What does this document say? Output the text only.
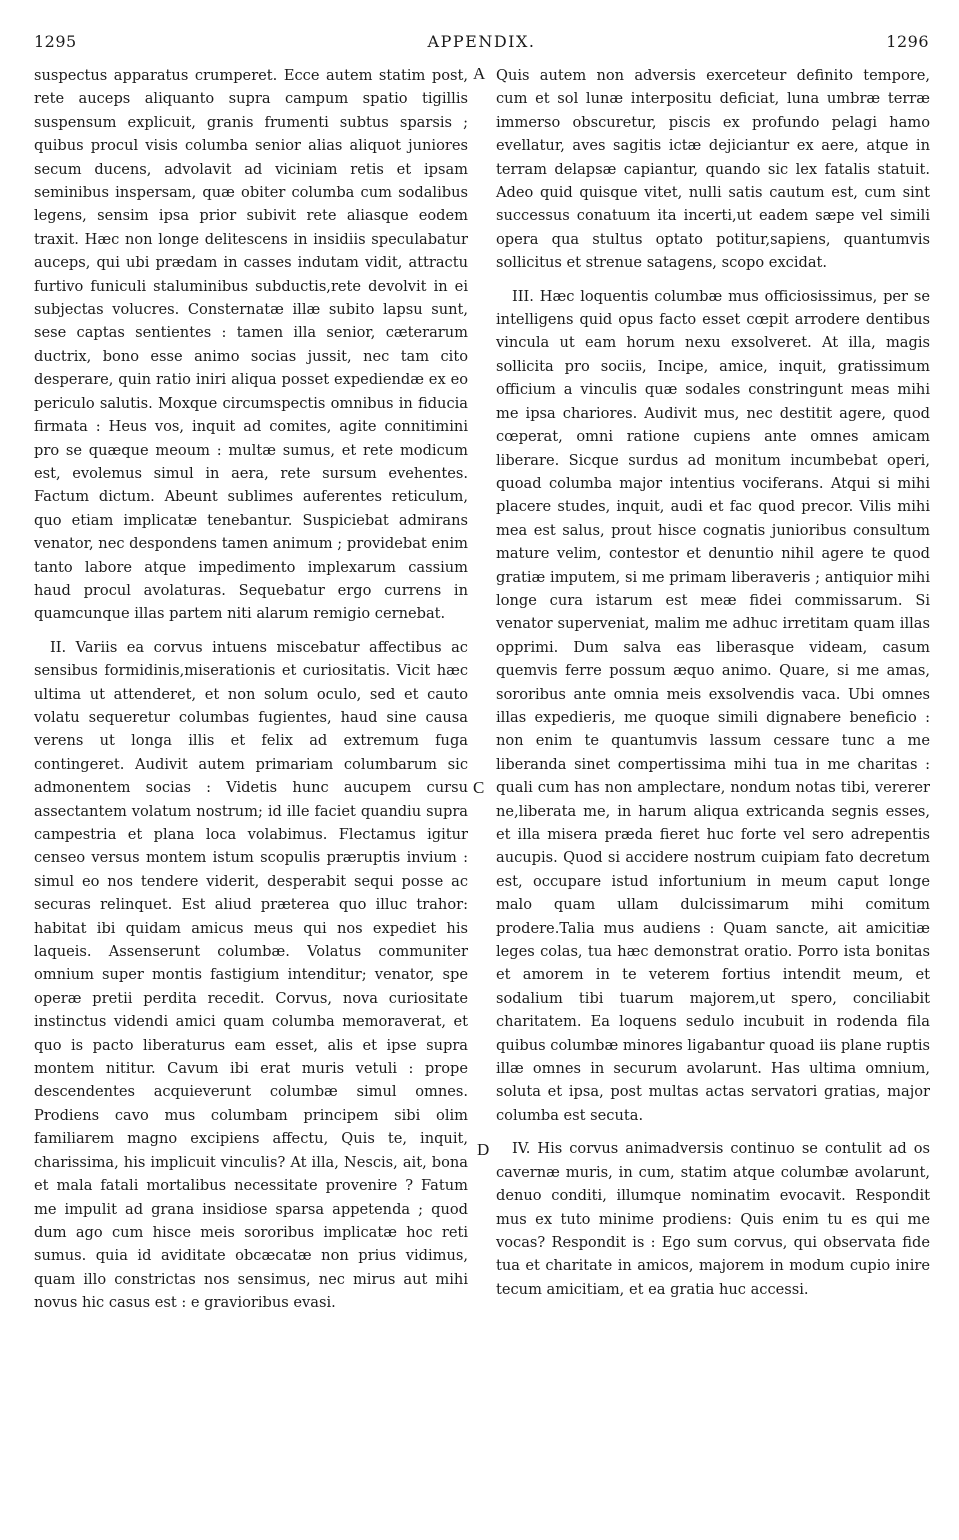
1295	APPENDIX.	1296

suspectus apparatus crumperet. Ecce autem statim post, rete auceps aliquanto supra campum spatio tigillis suspensum explicuit, granis frumenti subtus sparsis ; quibus procul visis columba senior alias aliquot juniores secum ducens, advolavit ad viciniam retis et ipsam seminibus inspersam, quæ obiter columba cum sodalibus legens, sensim ipsa prior subivit rete aliasque eodem traxit. Hæc non longe delitescens in insidiis speculabatur auceps, qui ubi prædam in casses indutam vidit, attractu furtivo funiculi staluminibus subductis,rete devolvit in ei subjectas volucres. Consternatæ illæ subito lapsu sunt, sese captas sentientes : tamen illa senior, cæterarum ductrix, bono esse animo socias jussit, nec tam cito desperare, quin ratio iniri aliqua posset expediendæ ex eo periculo salutis. Moxque circumspectis omnibus in fiducia firmata : Heus vos, inquit ad comites, agite connitimini pro se quæque meoum : multæ sumus, et rete modicum est, evolemus simul in aera, rete sursum evehentes. Factum dictum. Abeunt sublimes auferentes reticulum, quo etiam implicatæ tenebantur. Suspiciebat admirans venator, nec despondens tamen animum ; providebat enim tanto labore atque impedimento implexarum cassium haud procul avolaturas. Sequebatur ergo currens in quamcunque illas partem niti alarum remigio cernebat.

II. Variis ea corvus intuens miscebatur affectibus ac sensibus formidinis,miserationis et curiositatis. Vicit hæc ultima ut attenderet, et non solum oculo, sed et cauto volatu sequeretur columbas fugientes, haud sine causa verens ut longa illis et felix ad extremum fuga contingeret. Audivit autem primariam columbarum sic admonentem socias : Videtis hunc aucupem cursu assectantem volatum nostrum; id ille faciet quandiu supra campestria et plana loca volabimus. Flectamus igitur censeo versus montem istum scopulis præruptis invium : simul eo nos tendere viderit, desperabit sequi posse ac securas relinquet. Est aliud præterea quo illuc trahor: habitat ibi quidam amicus meus qui nos expediet his laqueis. Assenserunt columbæ. Volatus communiter omnium super montis fastigium intenditur; venator, spe operæ pretii perdita recedit. Corvus, nova curiositate instinctus videndi amici quam columba memoraverat, et quo is pacto liberaturus eam esset, alis et ipse supra montem nititur. Cavum ibi erat muris vetuli : prope descendentes acquieverunt columbæ simul omnes. Prodiens cavo mus columbam principem sibi olim familiarem magno excipiens affectu, Quis te, inquit, charissima, his implicuit vinculis? At illa, Nescis, ait, bona et mala fatali mortalibus necessitate provenire ? Fatum me impulit ad grana insidiose sparsa appetenda ; quod dum ago cum hisce meis sororibus implicatæ hoc reti sumus. quia id aviditate obcæcatæ non prius vidimus, quam illo constrictas nos sensimus, nec mirus aut mihi novus hic casus est : e gravioribus evasi.

A
C
D

Quis autem non adversis exerceteur definito tempore, cum et sol lunæ interpositu deficiat, luna umbræ terræ immerso obscuretur, piscis ex profundo pelagi hamo evellatur, aves sagitis ictæ dejiciantur ex aere, atque in terram delapsæ capiantur, quando sic lex fatalis statuit. Adeo quid quisque vitet, nulli satis cautum est, cum sint successus conatuum ita incerti,ut eadem sæpe vel simili opera qua stultus optato potitur,sapiens, quantumvis sollicitus et strenue satagens, scopo excidat.

III. Hæc loquentis columbæ mus officiosissimus, per se intelligens quid opus facto esset cœpit arrodere dentibus vincula ut eam horum nexu exsolveret. At illa, magis sollicita pro sociis, Incipe, amice, inquit, gratissimum officium a vinculis quæ sodales constringunt meas mihi me ipsa chariores. Audivit mus, nec destitit agere, quod cœperat, omni ratione cupiens ante omnes amicam liberare. Sicque surdus ad monitum incumbebat operi, quoad columba major intentius vociferans. Atqui si mihi placere studes, inquit, audi et fac quod precor. Vilis mihi mea est salus, prout hisce cognatis junioribus consultum mature velim, contestor et denuntio nihil agere te quod gratiæ imputem, si me primam liberaveris ; antiquior mihi longe cura istarum est meæ fidei commissarum. Si venator superveniat, malim me adhuc irretitam quam illas opprimi. Dum salva eas liberasque videam, casum quemvis ferre possum æquo animo. Quare, si me amas, sororibus ante omnia meis exsolvendis vaca. Ubi omnes illas expedieris, me quoque simili dignabere beneficio : non enim te quantumvis lassum cessare tunc a me liberanda sinet compertissima mihi tua in me charitas : quali cum has non amplectare, nondum notas tibi, vererer ne,liberata me, in harum aliqua extricanda segnis esses, et illa misera præda fieret huc forte vel sero adrepentis aucupis. Quod si accidere nostrum cuipiam fato decretum est, occupare istud infortunium in meum caput longe malo quam ullam dulcissimarum mihi comitum prodere.Talia mus audiens : Quam sancte, ait amicitiæ leges colas, tua hæc demonstrat oratio. Porro ista bonitas et amorem in te veterem fortius intendit meum, et sodalium tibi tuarum majorem,ut spero, conciliabit charitatem. Ea loquens sedulo incubuit in rodenda fila quibus columbæ minores ligabantur quoad iis plane ruptis illæ omnes in securum avolarunt. Has ultima omnium, soluta et ipsa, post multas actas servatori gratias, major columba est secuta.

IV. His corvus animadversis continuo se contulit ad os cavernæ muris, in cum, statim atque columbæ avolarunt, denuo conditi, illumque nominatim evocavit. Respondit mus ex tuto minime prodiens: Quis enim tu es qui me vocas? Respondit is : Ego sum corvus, qui observata fide tua et charitate in amicos, majorem in modum cupio inire tecum amicitiam, et ea gratia huc accessi.
